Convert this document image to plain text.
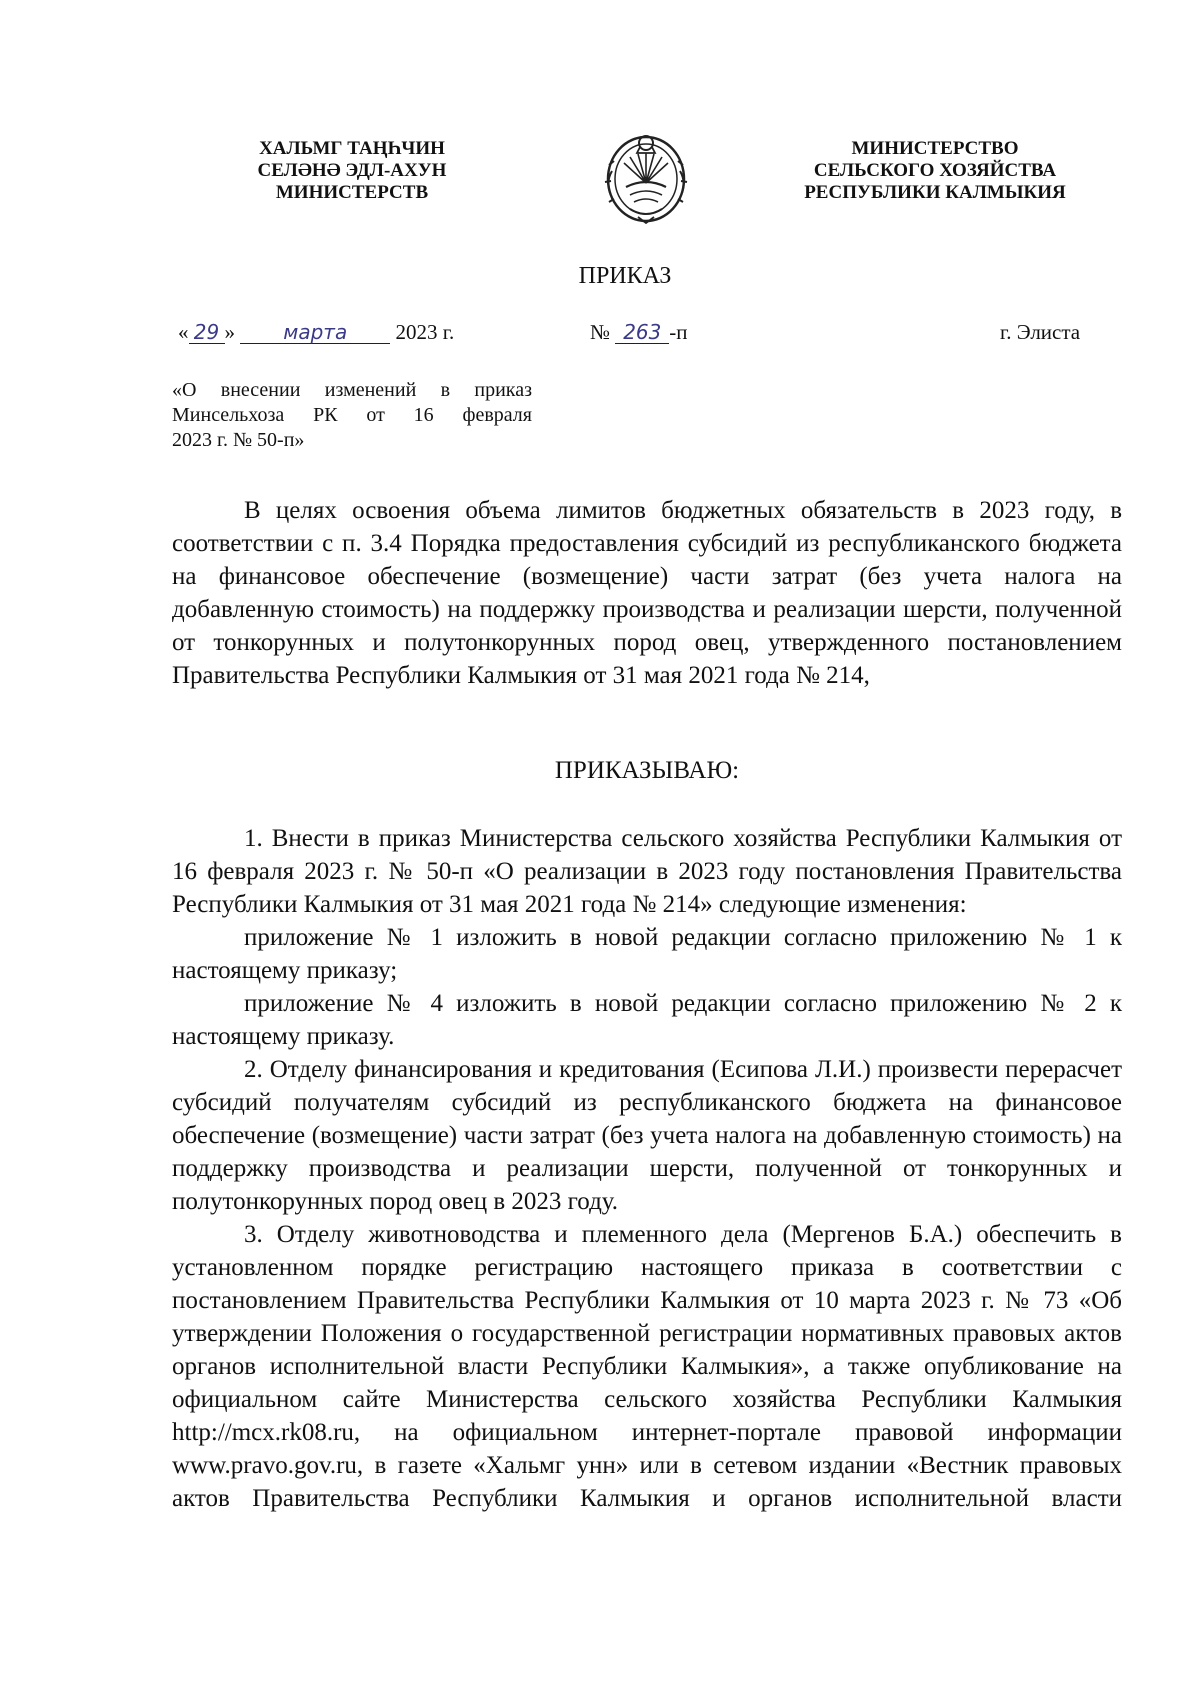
ХАЛЬМГ ТАҢҺЧИН
СЕЛӘНӘ ЭДЛ-АХУН
МИНИСТЕРСТВ
МИНИСТЕРСТВО
СЕЛЬСКОГО ХОЗЯЙСТВА
РЕСПУБЛИКИ КАЛМЫКИЯ
ПРИКАЗ
« 29 » марта 2023 г.	№ 263 -п	г. Элиста
«О внесении изменений в приказ
Минсельхоза РК от 16 февраля
2023 г. № 50-п»

В целях освоения объема лимитов бюджетных обязательств в 2023 году, в соответствии с п. 3.4 Порядка предоставления субсидий из республиканского бюджета на финансовое обеспечение (возмещение) части затрат (без учета налога на добавленную стоимость) на поддержку производства и реализации шерсти, полученной от тонкорунных и полутонкорунных пород овец, утвержденного постановлением Правительства Республики Калмыкия от 31 мая 2021 года № 214,

ПРИКАЗЫВАЮ:

1. Внести в приказ Министерства сельского хозяйства Республики Калмыкия от 16 февраля 2023 г. № 50-п «О реализации в 2023 году постановления Правительства Республики Калмыкия от 31 мая 2021 года № 214» следующие изменения:

приложение № 1 изложить в новой редакции согласно приложению № 1 к настоящему приказу;

приложение № 4 изложить в новой редакции согласно приложению № 2 к настоящему приказу.

2. Отделу финансирования и кредитования (Есипова Л.И.) произвести перерасчет субсидий получателям субсидий из республиканского бюджета на финансовое обеспечение (возмещение) части затрат (без учета налога на добавленную стоимость) на поддержку производства и реализации шерсти, полученной от тонкорунных и полутонкорунных пород овец в 2023 году.

3. Отделу животноводства и племенного дела (Мергенов Б.А.) обеспечить в установленном порядке регистрацию настоящего приказа в соответствии с постановлением Правительства Республики Калмыкия от 10 марта 2023 г. № 73 «Об утверждении Положения о государственной регистрации нормативных правовых актов органов исполнительной власти Республики Калмыкия», а также опубликование на официальном сайте Министерства сельского хозяйства Республики Калмыкия http://mcx.rk08.ru, на официальном интернет-портале правовой информации www.pravo.gov.ru, в газете «Хальмг унн» или в сетевом издании «Вестник правовых актов Правительства Республики Калмыкия и органов исполнительной власти
